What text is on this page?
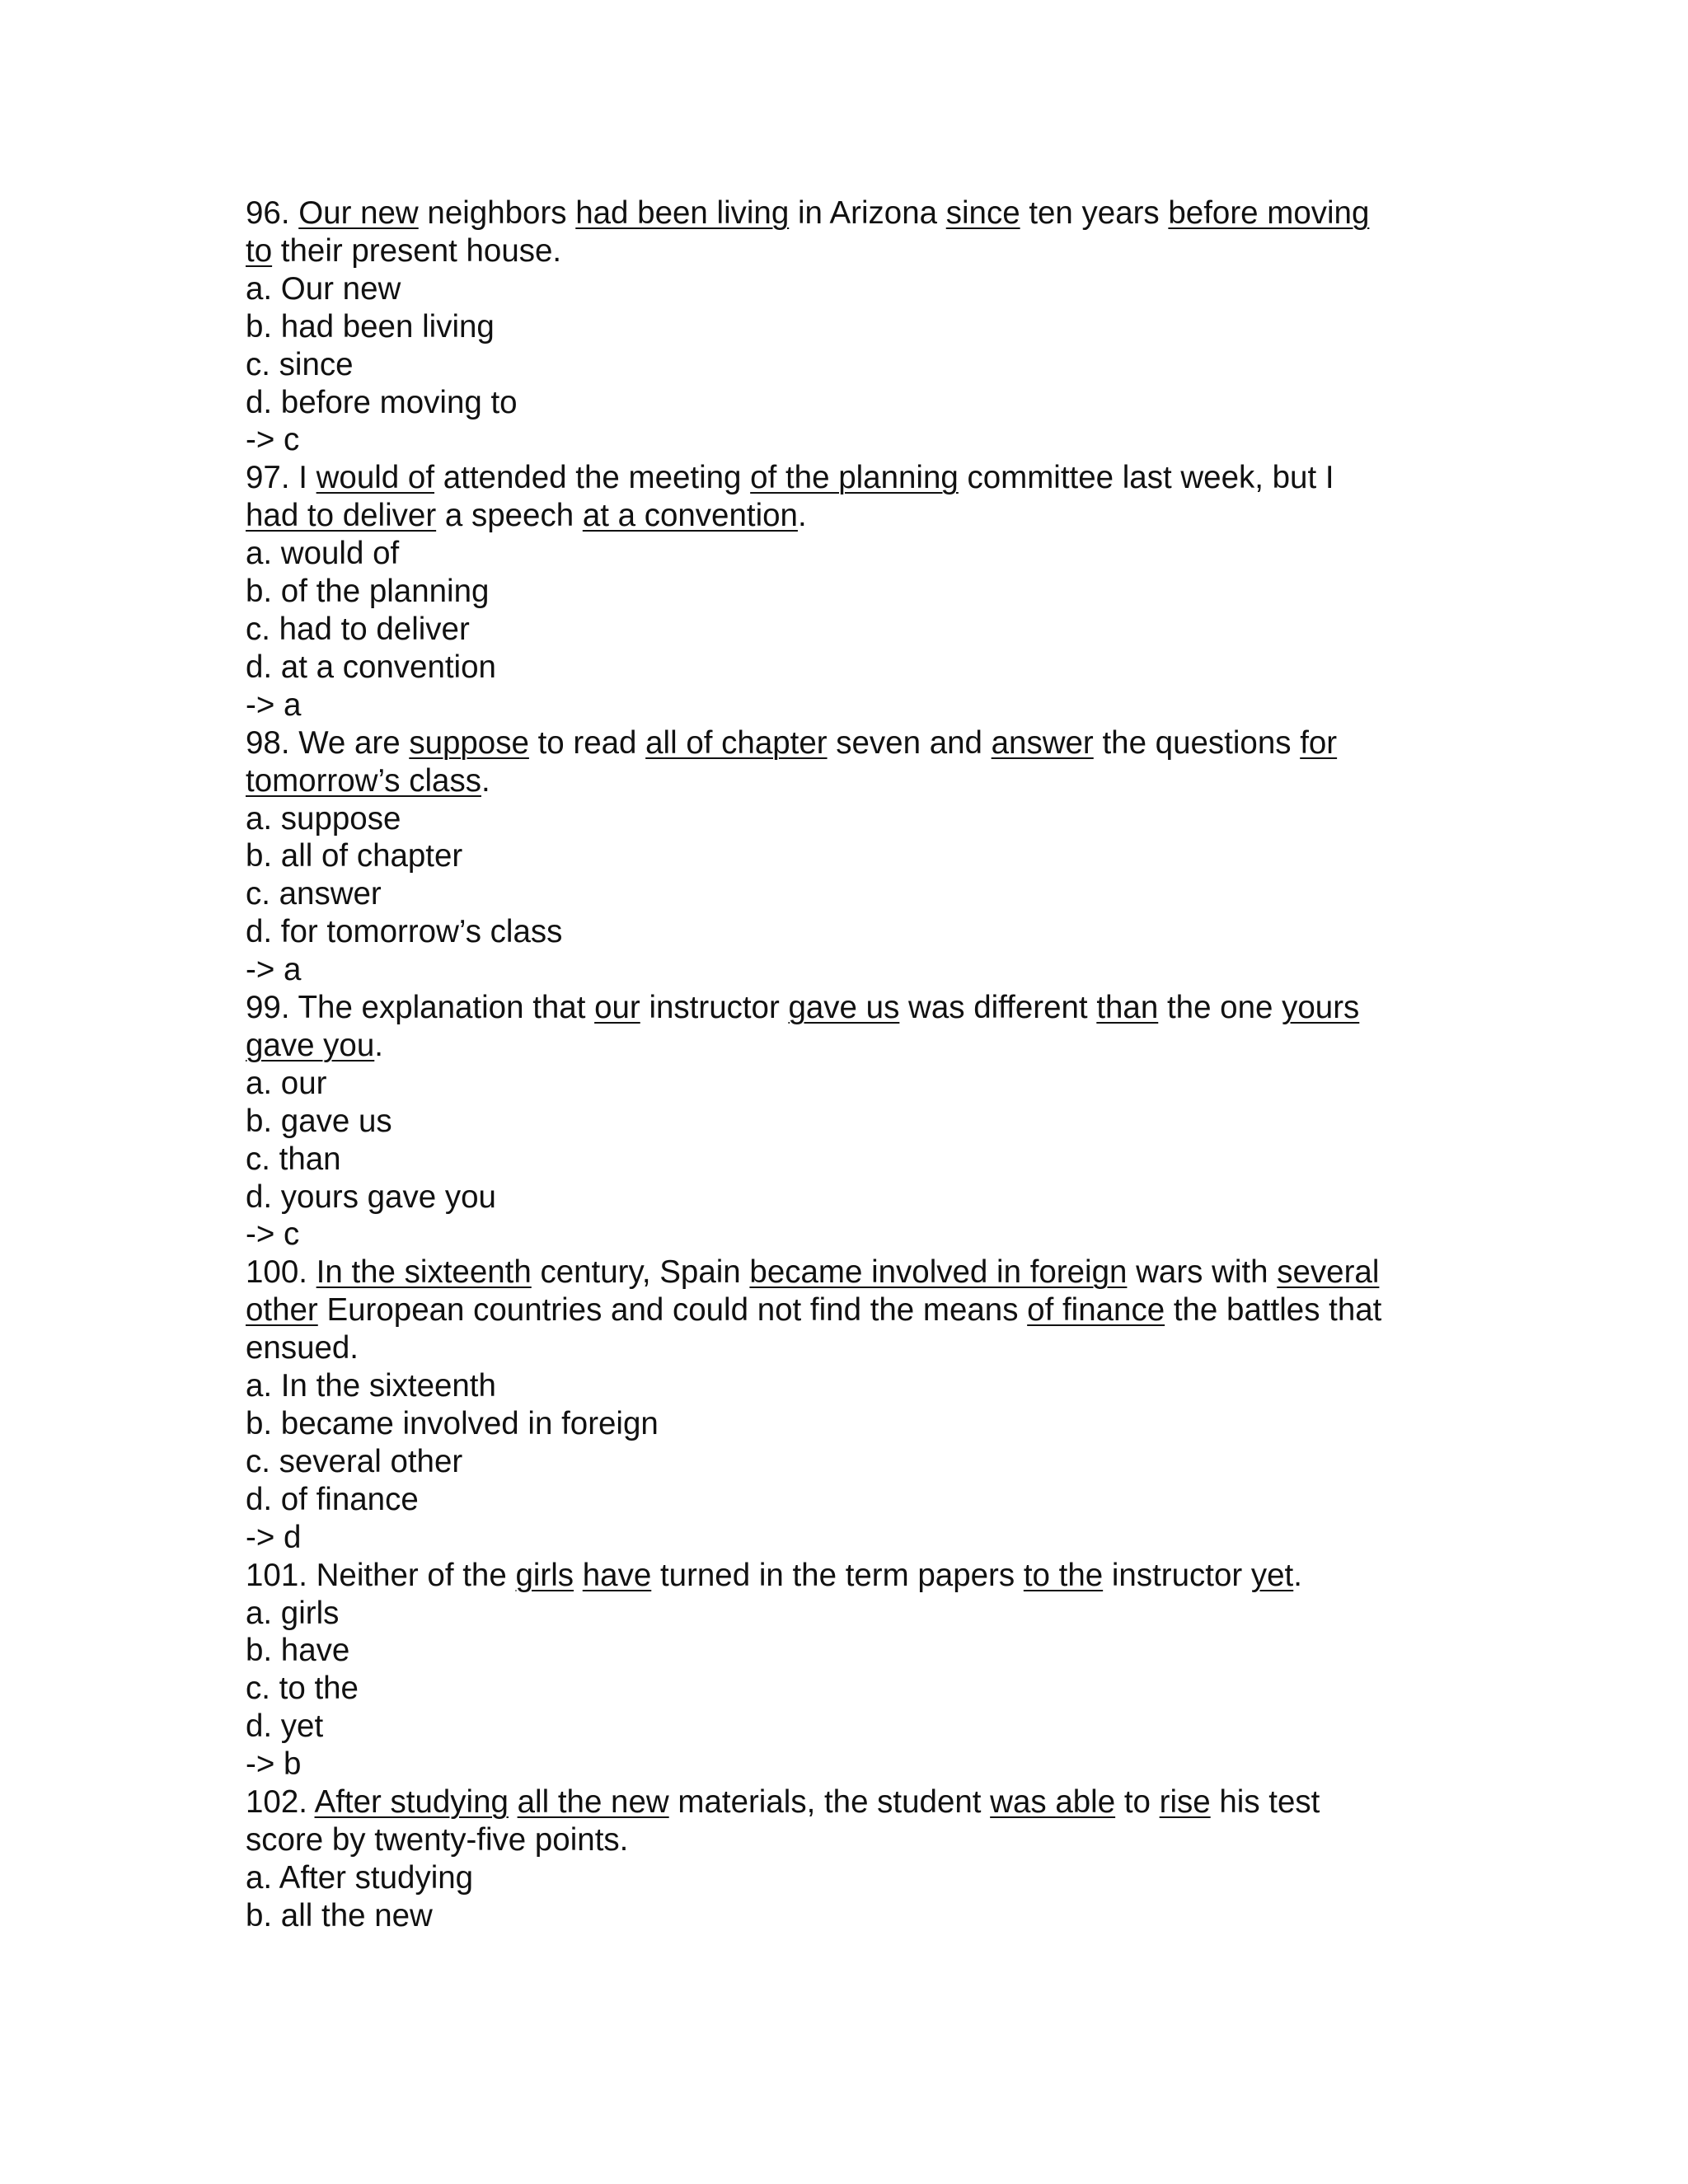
96. Our new neighbors had been living in Arizona since ten years before moving
to their present house.
a. Our new
b. had been living
c. since
d. before moving to
-> c
97. I would of attended the meeting of the planning committee last week, but I
had to deliver a speech at a convention.
a. would of
b. of the planning
c. had to deliver
d. at a convention
-> a
98. We are suppose to read all of chapter seven and answer the questions for
tomorrow’s class.
a. suppose
b. all of chapter
c. answer
d. for tomorrow’s class
-> a
99. The explanation that our instructor gave us was different than the one yours
gave you.
a. our
b. gave us
c. than
d. yours gave you
-> c
100. In the sixteenth century, Spain became involved in foreign wars with several
other European countries and could not find the means of finance the battles that
ensued.
a. In the sixteenth
b. became involved in foreign
c. several other
d. of finance
-> d
101. Neither of the girls have turned in the term papers to the instructor yet.
a. girls
b. have
c. to the
d. yet
-> b
102. After studying all the new materials, the student was able to rise his test
score by twenty-five points.
a. After studying
b. all the new
